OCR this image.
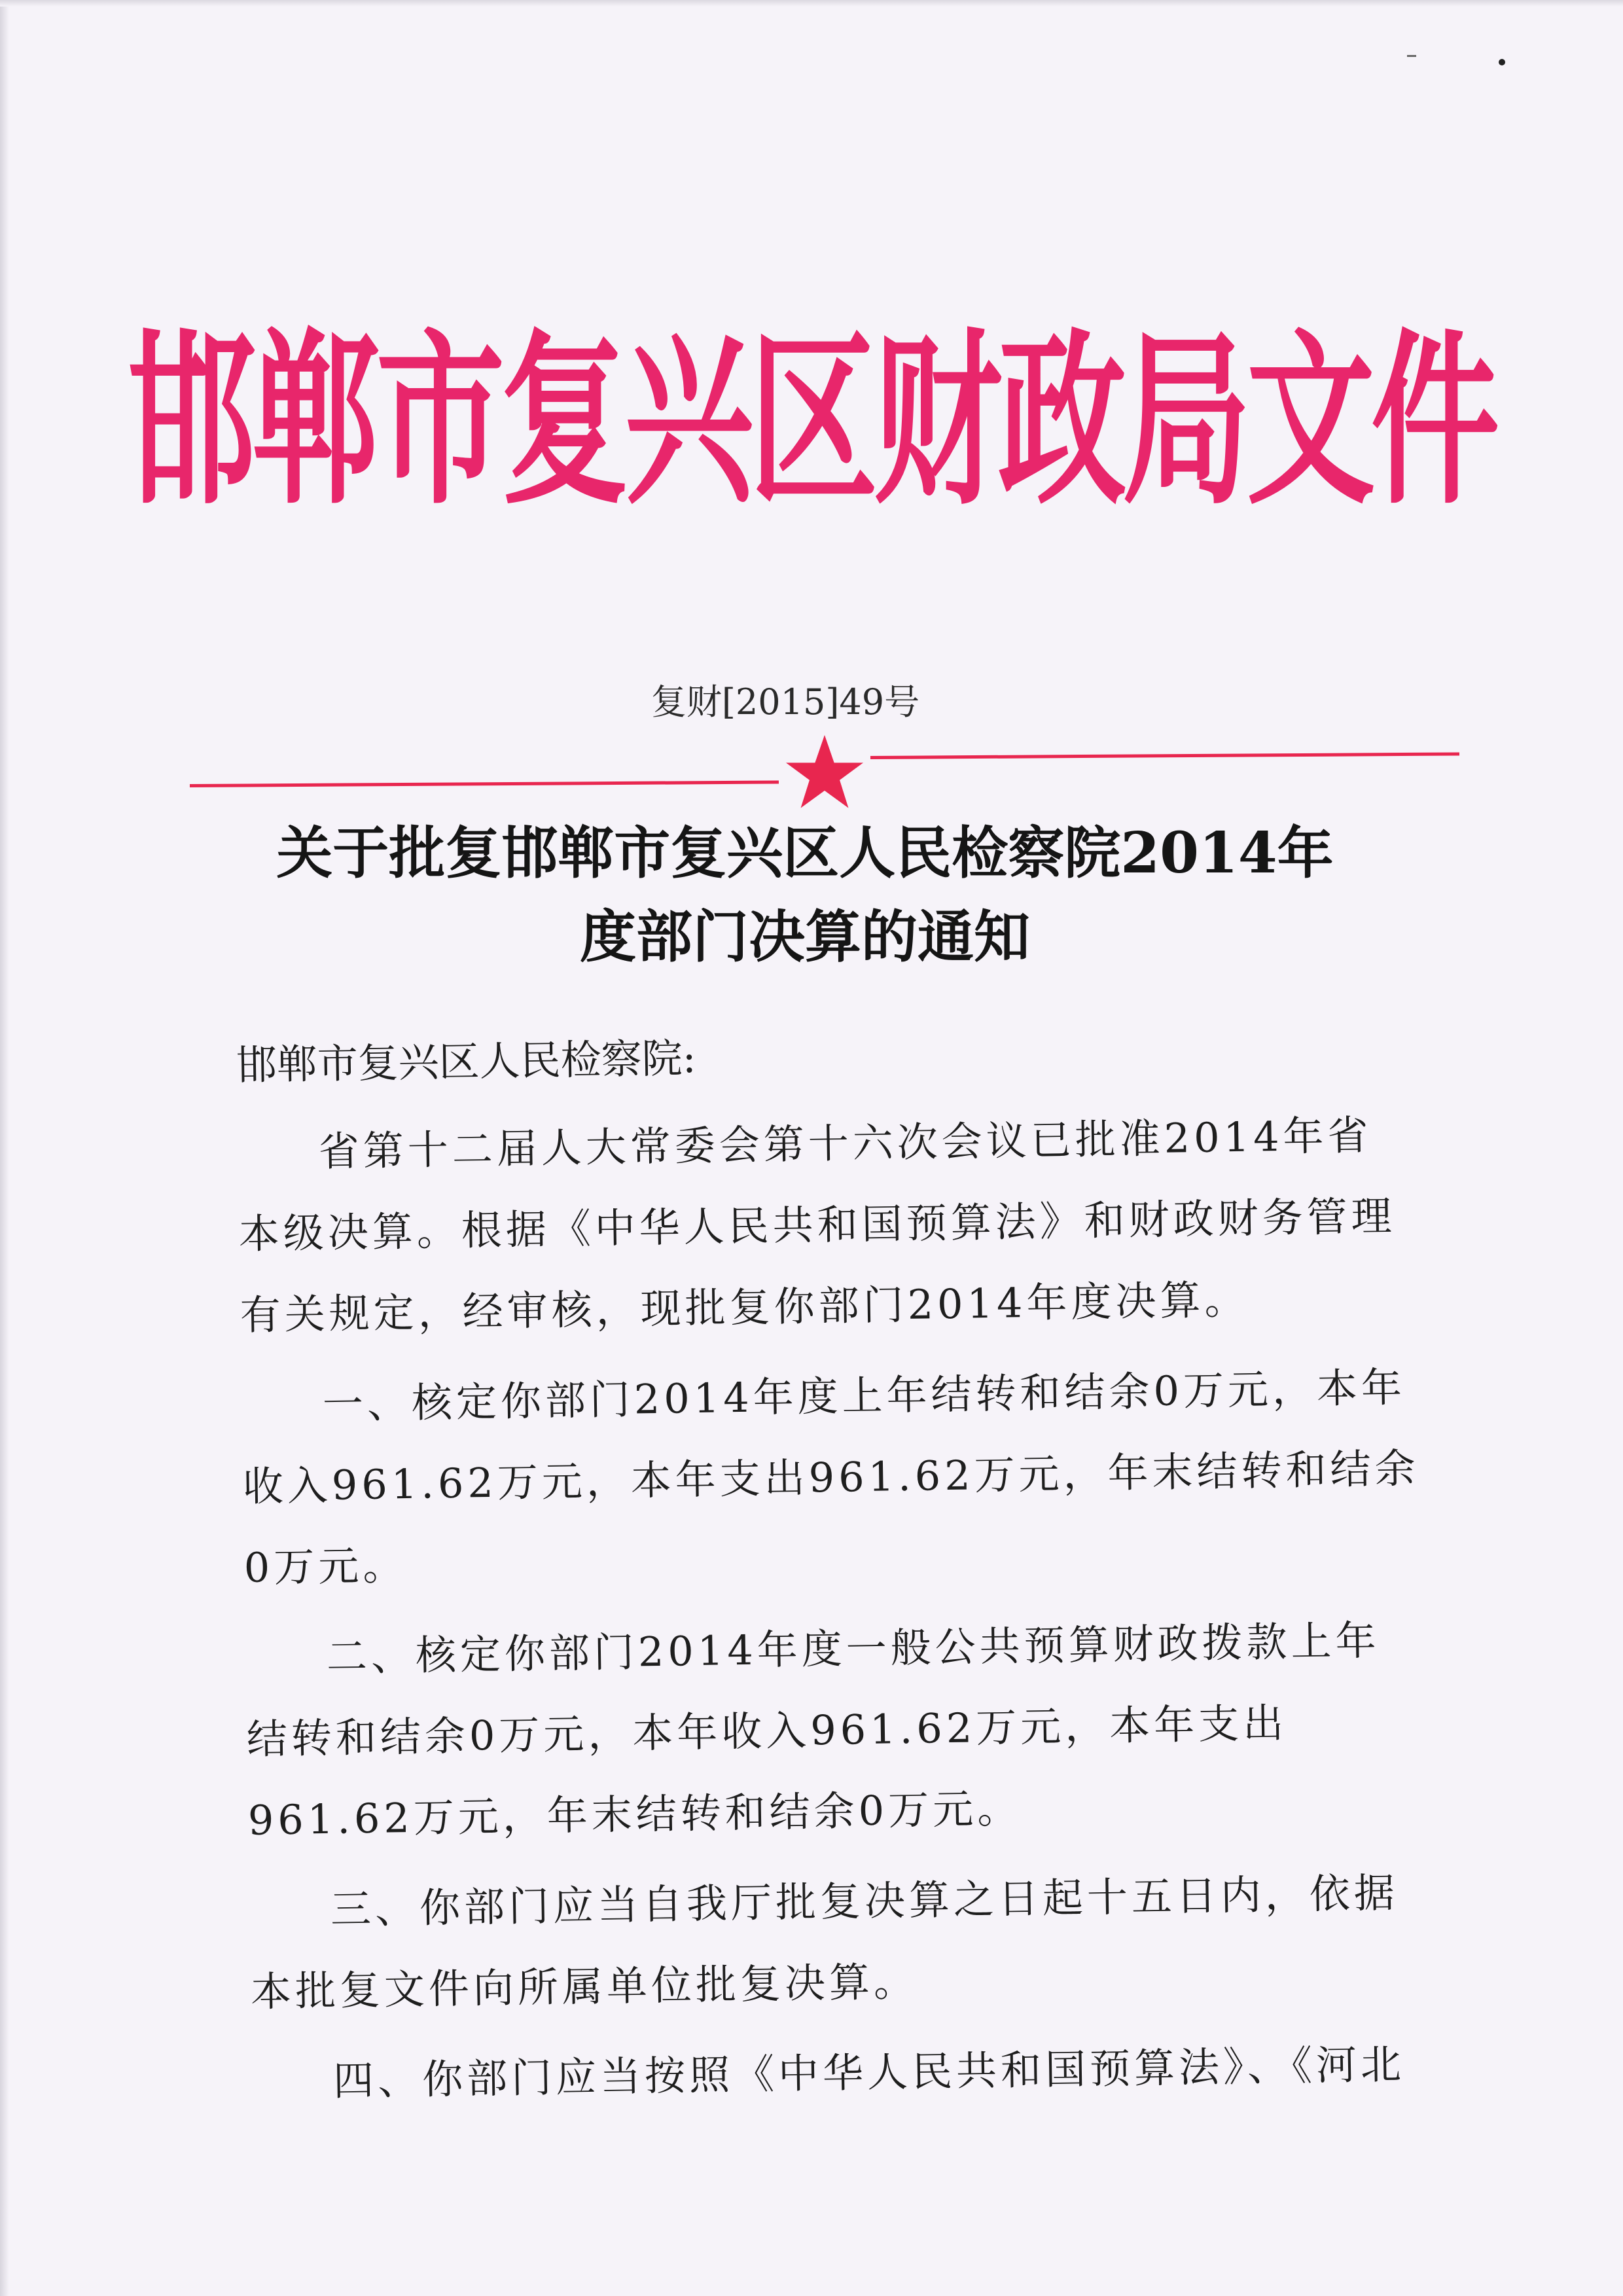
邯郸市复兴区财政局文件
复财[2015]49号
关于批复邯郸市复兴区人民检察院2014年
度部门决算的通知

邯郸市复兴区人民检察院:

省第十二届人大常委会第十六次会议已批准2014年省本级决算。根据《中华人民共和国预算法》和财政财务管理有关规定，经审核，现批复你部门2014年度决算。

一、核定你部门2014年度上年结转和结余0万元，本年收入961.62万元，本年支出961.62万元，年末结转和结余0万元。

二、核定你部门2014年度一般公共预算财政拨款上年结转和结余0万元，本年收入961.62万元，本年支出961.62万元，年末结转和结余0万元。

三、你部门应当自我厅批复决算之日起十五日内，依据本批复文件向所属单位批复决算。

四、你部门应当按照《中华人民共和国预算法》、《河北
